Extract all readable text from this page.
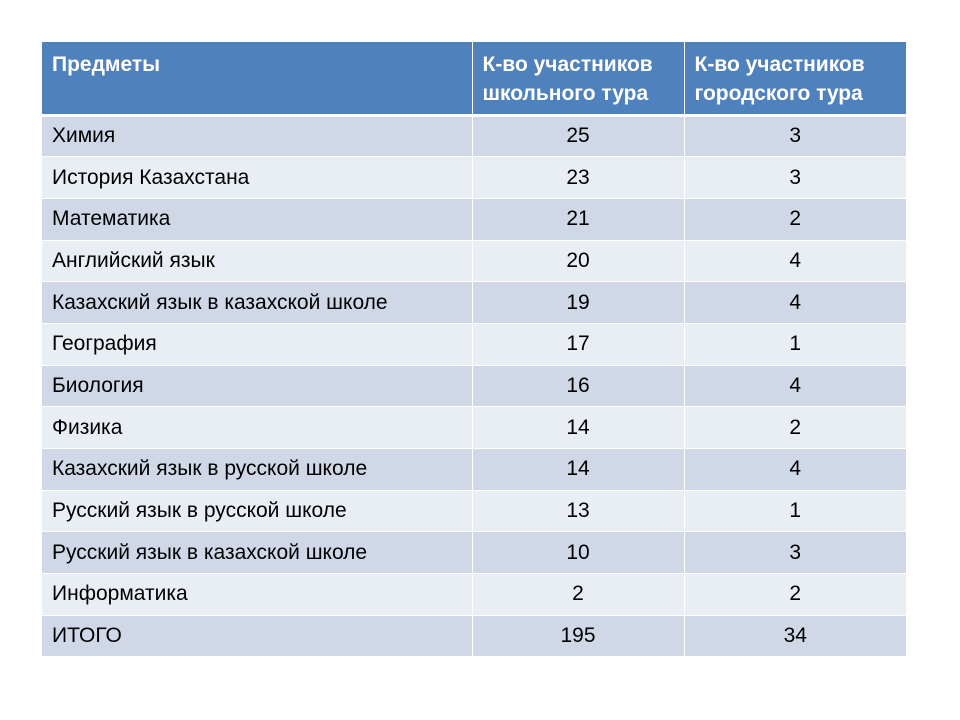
Предметы	К-во участников школьного тура	К-во участников городского тура
Химия	25	3
История Казахстана	23	3
Математика	21	2
Английский язык	20	4
Казахский язык в казахской школе	19	4
География	17	1
Биология	16	4
Физика	14	2
Казахский язык в русской школе	14	4
Русский язык в русской школе	13	1
Русский язык в казахской школе	10	3
Информатика	2	2
ИТОГО	195	34
